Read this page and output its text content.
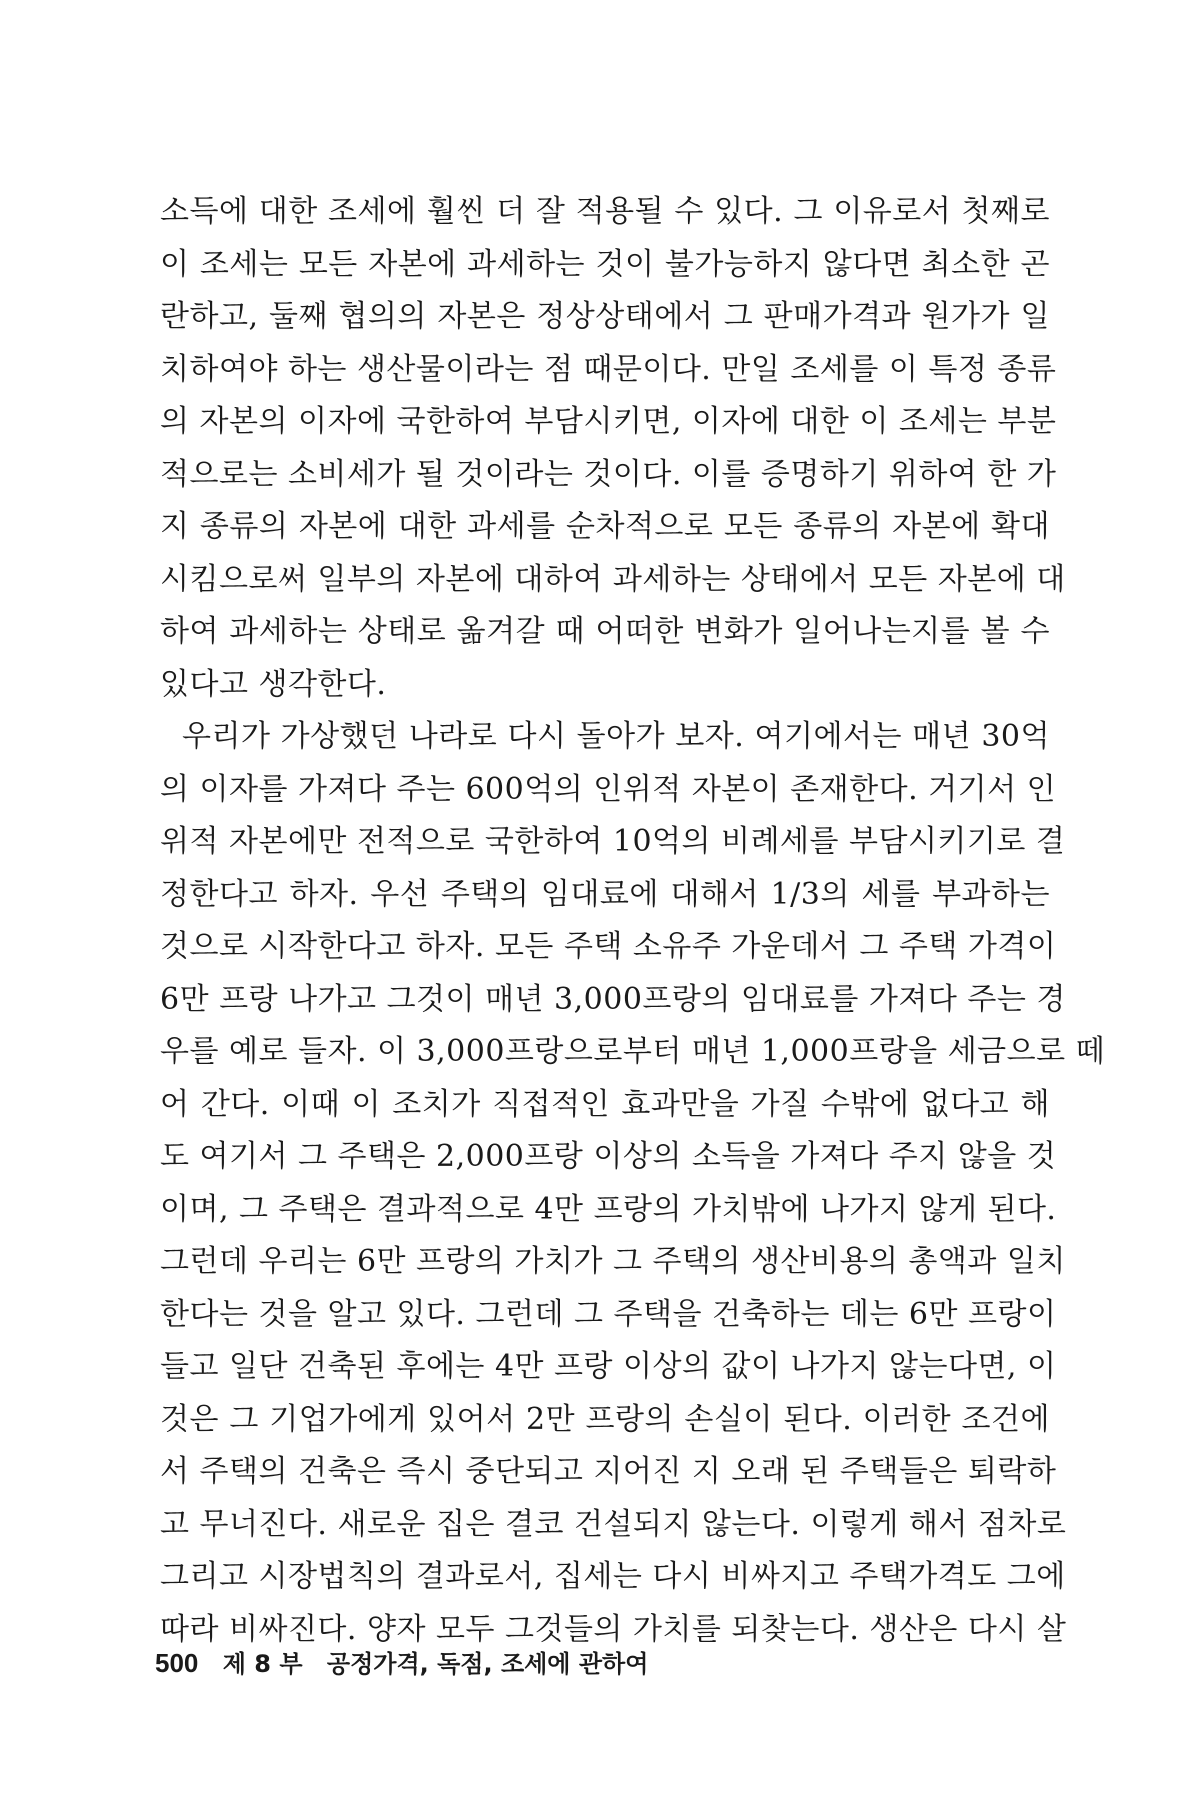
소득에 대한 조세에 훨씬 더 잘 적용될 수 있다. 그 이유로서 첫째로
이 조세는 모든 자본에 과세하는 것이 불가능하지 않다면 최소한 곤
란하고, 둘째 협의의 자본은 정상상태에서 그 판매가격과 원가가 일
치하여야 하는 생산물이라는 점 때문이다. 만일 조세를 이 특정 종류
의 자본의 이자에 국한하여 부담시키면, 이자에 대한 이 조세는 부분
적으로는 소비세가 될 것이라는 것이다. 이를 증명하기 위하여 한 가
지 종류의 자본에 대한 과세를 순차적으로 모든 종류의 자본에 확대
시킴으로써 일부의 자본에 대하여 과세하는 상태에서 모든 자본에 대
하여 과세하는 상태로 옮겨갈 때 어떠한 변화가 일어나는지를 볼 수
있다고 생각한다.
우리가 가상했던 나라로 다시 돌아가 보자. 여기에서는 매년 30억
의 이자를 가져다 주는 600억의 인위적 자본이 존재한다. 거기서 인
위적 자본에만 전적으로 국한하여 10억의 비례세를 부담시키기로 결
정한다고 하자. 우선 주택의 임대료에 대해서 1/3의 세를 부과하는
것으로 시작한다고 하자. 모든 주택 소유주 가운데서 그 주택 가격이
6만 프랑 나가고 그것이 매년 3,000프랑의 임대료를 가져다 주는 경
우를 예로 들자. 이 3,000프랑으로부터 매년 1,000프랑을 세금으로 떼
어 간다. 이때 이 조치가 직접적인 효과만을 가질 수밖에 없다고 해
도 여기서 그 주택은 2,000프랑 이상의 소득을 가져다 주지 않을 것
이며, 그 주택은 결과적으로 4만 프랑의 가치밖에 나가지 않게 된다.
그런데 우리는 6만 프랑의 가치가 그 주택의 생산비용의 총액과 일치
한다는 것을 알고 있다. 그런데 그 주택을 건축하는 데는 6만 프랑이
들고 일단 건축된 후에는 4만 프랑 이상의 값이 나가지 않는다면, 이
것은 그 기업가에게 있어서 2만 프랑의 손실이 된다. 이러한 조건에
서 주택의 건축은 즉시 중단되고 지어진 지 오래 된 주택들은 퇴락하
고 무너진다. 새로운 집은 결코 건설되지 않는다. 이렇게 해서 점차로
그리고 시장법칙의 결과로서, 집세는 다시 비싸지고 주택가격도 그에
따라 비싸진다. 양자 모두 그것들의 가치를 되찾는다. 생산은 다시 살
500 제 8 부 공정가격, 독점, 조세에 관하여
